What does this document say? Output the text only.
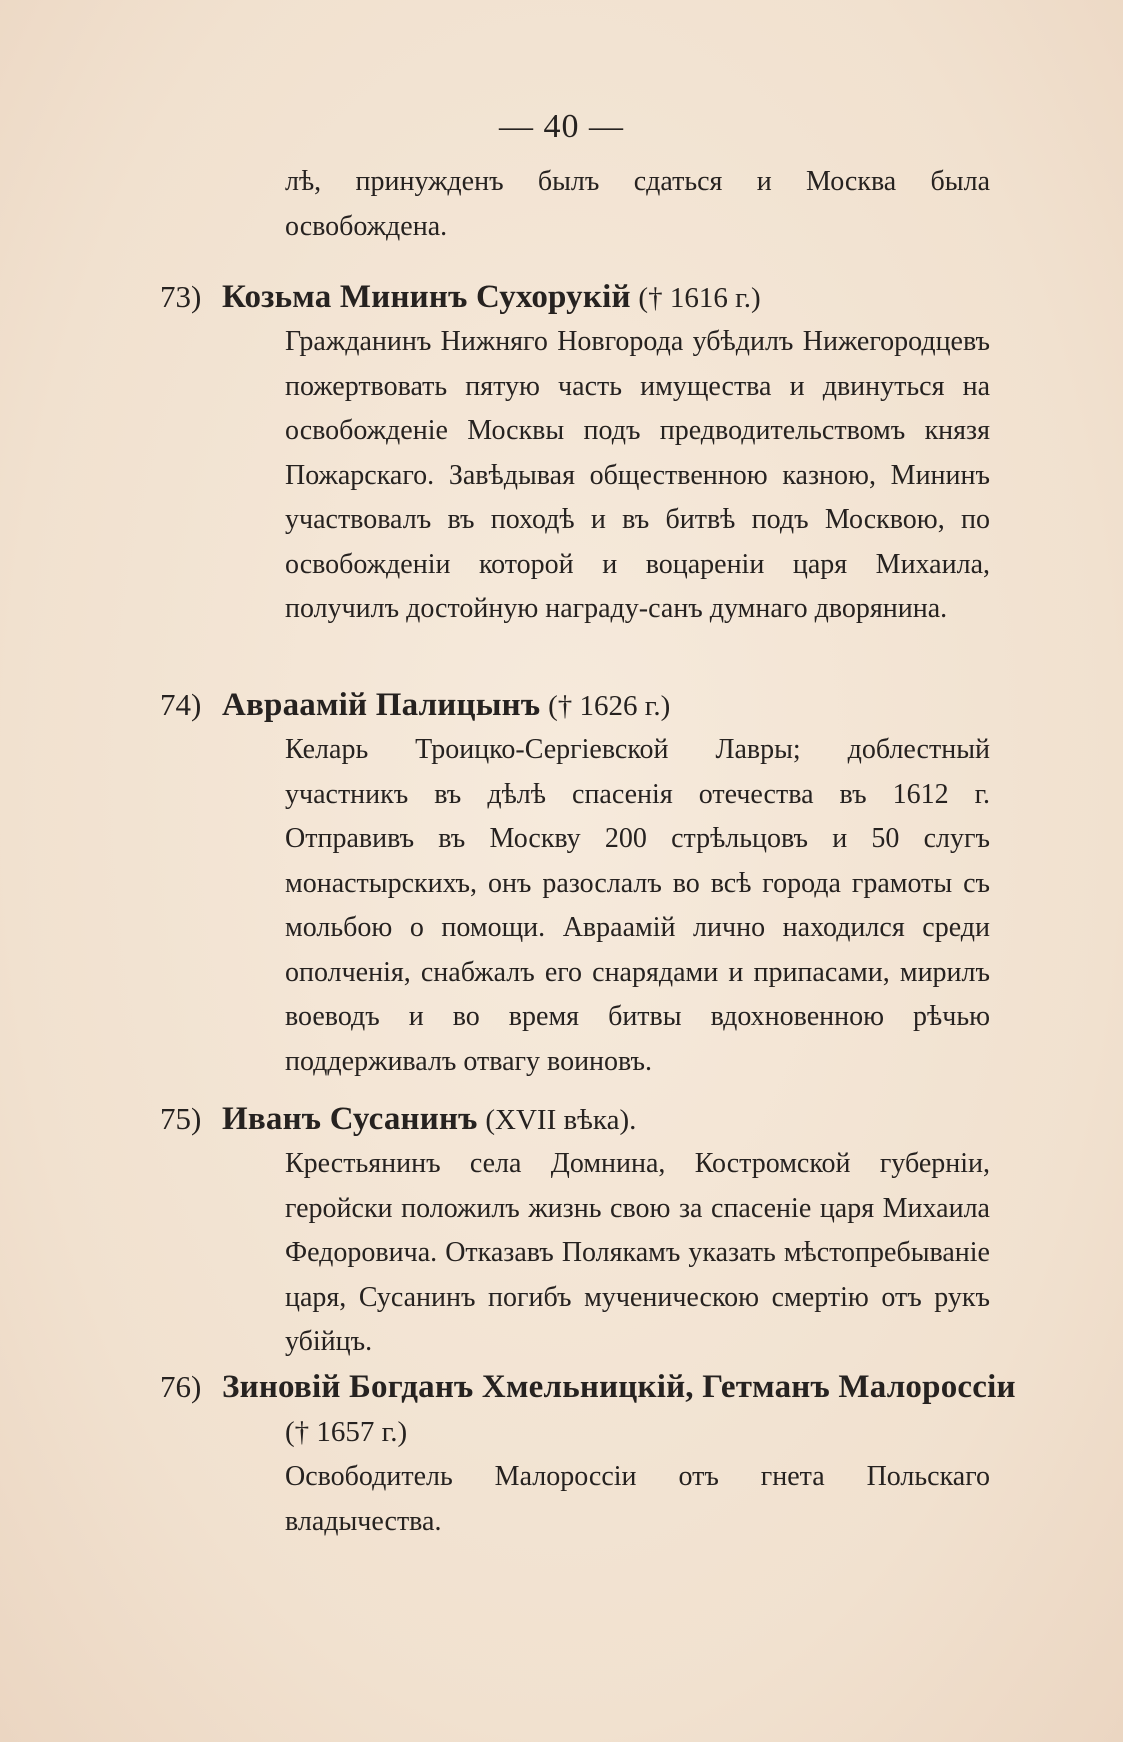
— 40 —
лѣ, принужденъ былъ сдаться и Москва была освобождена.
73) Козьма Мининъ Сухорукій († 1616 г.)
Гражданинъ Нижняго Новгорода убѣдилъ Нижегородцевъ пожертвовать пятую часть имущества и двинуться на освобожденіе Москвы подъ предводительствомъ князя Пожарскаго. Завѣдывая общественною казною, Мининъ участвовалъ въ походѣ и въ битвѣ подъ Москвою, по освобожденіи которой и воцареніи царя Михаила, получилъ достойную награду-санъ думнаго дворянина.
74) Авраамій Палицынъ († 1626 г.)
Келарь Троицко-Сергіевской Лавры; доблестный участникъ въ дѣлѣ спасенія отечества въ 1612 г. Отправивъ въ Москву 200 стрѣльцовъ и 50 слугъ монастырскихъ, онъ разослалъ во всѣ города грамоты съ мольбою о помощи. Авраамій лично находился среди ополченія, снабжалъ его снарядами и припасами, мирилъ воеводъ и во время битвы вдохновенною рѣчью поддерживалъ отвагу воиновъ.
75) Иванъ Сусанинъ (XVII вѣка).
Крестьянинъ села Домнина, Костромской губерніи, геройски положилъ жизнь свою за спасеніе царя Михаила Федоровича. Отказавъ Полякамъ указать мѣстопребываніе царя, Сусанинъ погибъ мученическою смертію отъ рукъ убійцъ.
76) Зиновій Богданъ Хмельницкій, Гетманъ Малороссіи
(† 1657 г.)
Освободитель Малороссіи отъ гнета Польскаго владычества.
